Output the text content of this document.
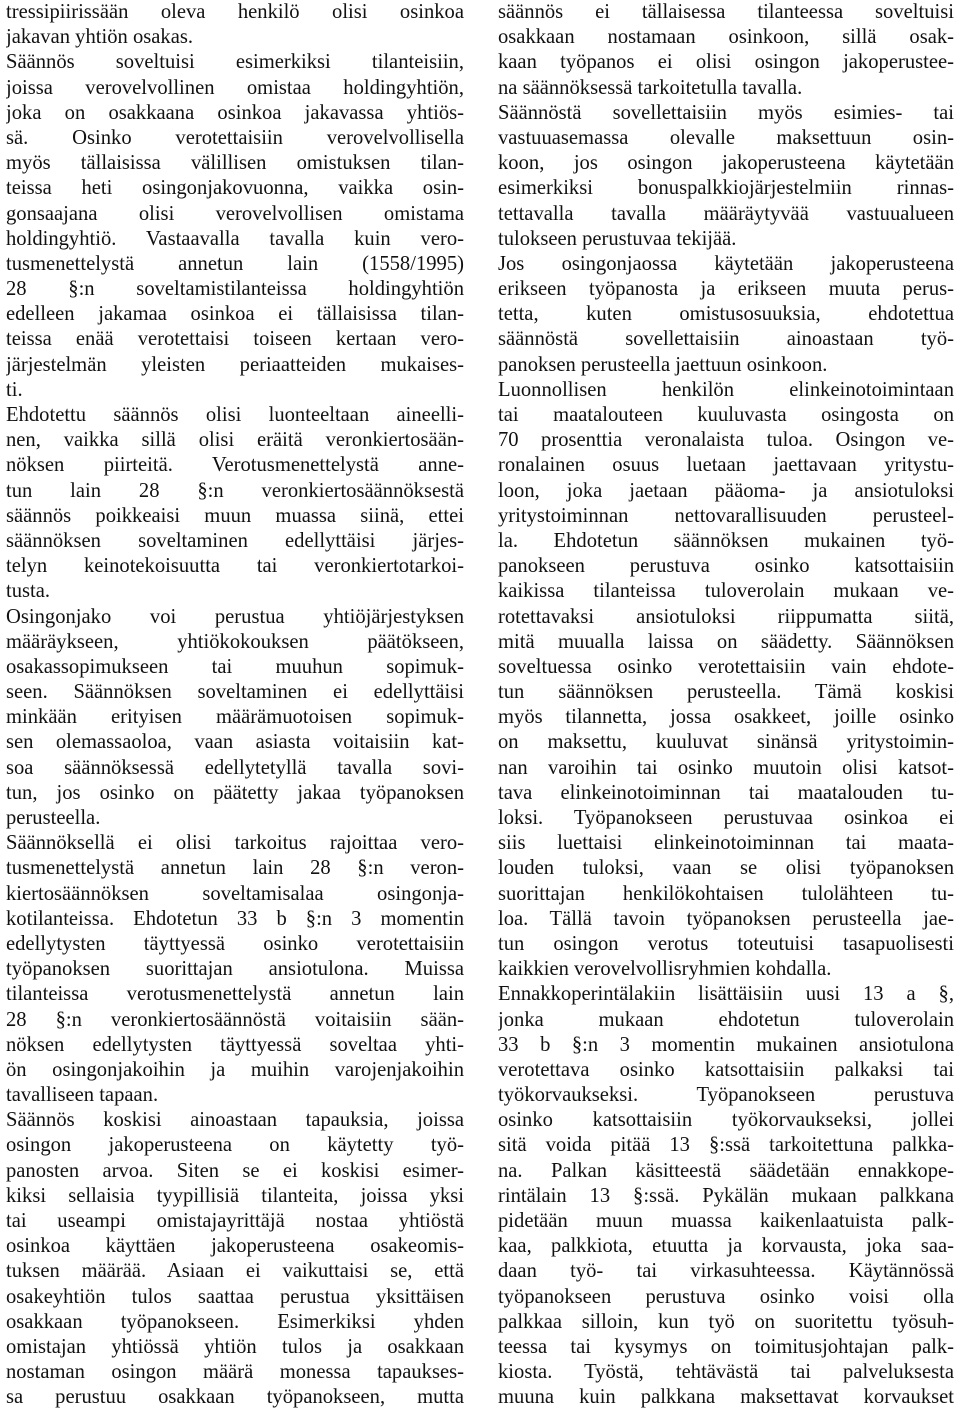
tressipiirissään oleva henkilö olisi osinkoa
jakavan yhtiön osakas.
Säännös soveltuisi esimerkiksi tilanteisiin,
joissa verovelvollinen omistaa holdingyhtiön,
joka on osakkaana osinkoa jakavassa yhtiös-
sä. Osinko verotettaisiin verovelvollisella
myös tällaisissa välillisen omistuksen tilan-
teissa heti osingonjakovuonna, vaikka osin-
gonsaajana olisi verovelvollisen omistama
holdingyhtiö. Vastaavalla tavalla kuin vero-
tusmenettelystä annetun lain (1558/1995)
28 §:n soveltamistilanteissa holdingyhtiön
edelleen jakamaa osinkoa ei tällaisissa tilan-
teissa enää verotettaisi toiseen kertaan vero-
järjestelmän yleisten periaatteiden mukaises-
ti.
Ehdotettu säännös olisi luonteeltaan aineelli-
nen, vaikka sillä olisi eräitä veronkiertosään-
nöksen piirteitä. Verotusmenettelystä anne-
tun lain 28 §:n veronkiertosäännöksestä
säännös poikkeaisi muun muassa siinä, ettei
säännöksen soveltaminen edellyttäisi järjes-
telyn keinotekoisuutta tai veronkiertotarkoi-
tusta.
Osingonjako voi perustua yhtiöjärjestyksen
määräykseen, yhtiökokouksen päätökseen,
osakassopimukseen tai muuhun sopimuk-
seen. Säännöksen soveltaminen ei edellyttäisi
minkään erityisen määrämuotoisen sopimuk-
sen olemassaoloa, vaan asiasta voitaisiin kat-
soa säännöksessä edellytetyllä tavalla sovi-
tun, jos osinko on päätetty jakaa työpanoksen
perusteella.
Säännöksellä ei olisi tarkoitus rajoittaa vero-
tusmenettelystä annetun lain 28 §:n veron-
kiertosäännöksen soveltamisalaa osingonja-
kotilanteissa. Ehdotetun 33 b §:n 3 momentin
edellytysten täyttyessä osinko verotettaisiin
työpanoksen suorittajan ansiotulona. Muissa
tilanteissa verotusmenettelystä annetun lain
28 §:n veronkiertosäännöstä voitaisiin sään-
nöksen edellytysten täyttyessä soveltaa yhti-
ön osingonjakoihin ja muihin varojenjakoihin
tavalliseen tapaan.
Säännös koskisi ainoastaan tapauksia, joissa
osingon jakoperusteena on käytetty työ-
panosten arvoa. Siten se ei koskisi esimer-
kiksi sellaisia tyypillisiä tilanteita, joissa yksi
tai useampi omistajayrittäjä nostaa yhtiöstä
osinkoa käyttäen jakoperusteena osakeomis-
tuksen määrää. Asiaan ei vaikuttaisi se, että
osakeyhtiön tulos saattaa perustua yksittäisen
osakkaan työpanokseen. Esimerkiksi yhden
omistajan yhtiössä yhtiön tulos ja osakkaan
nostaman osingon määrä monessa tapaukses-
sa perustuu osakkaan työpanokseen, mutta
säännös ei tällaisessa tilanteessa soveltuisi
osakkaan nostamaan osinkoon, sillä osak-
kaan työpanos ei olisi osingon jakoperustee-
na säännöksessä tarkoitetulla tavalla.
Säännöstä sovellettaisiin myös esimies- tai
vastuuasemassa olevalle maksettuun osin-
koon, jos osingon jakoperusteena käytetään
esimerkiksi bonuspalkkiojärjestelmiin rinnas-
tettavalla tavalla määräytyvää vastuualueen
tulokseen perustuvaa tekijää.
Jos osingonjaossa käytetään jakoperusteena
erikseen työpanosta ja erikseen muuta perus-
tetta, kuten omistusosuuksia, ehdotettua
säännöstä sovellettaisiin ainoastaan työ-
panoksen perusteella jaettuun osinkoon.
Luonnollisen henkilön elinkeinotoimintaan
tai maatalouteen kuuluvasta osingosta on
70 prosenttia veronalaista tuloa. Osingon ve-
ronalainen osuus luetaan jaettavaan yritystu-
loon, joka jaetaan pääoma- ja ansiotuloksi
yritystoiminnan nettovarallisuuden perusteel-
la. Ehdotetun säännöksen mukainen työ-
panokseen perustuva osinko katsottaisiin
kaikissa tilanteissa tuloverolain mukaan ve-
rotettavaksi ansiotuloksi riippumatta siitä,
mitä muualla laissa on säädetty. Säännöksen
soveltuessa osinko verotettaisiin vain ehdote-
tun säännöksen perusteella. Tämä koskisi
myös tilannetta, jossa osakkeet, joille osinko
on maksettu, kuuluvat sinänsä yritystoimin-
nan varoihin tai osinko muutoin olisi katsot-
tava elinkeinotoiminnan tai maatalouden tu-
loksi. Työpanokseen perustuvaa osinkoa ei
siis luettaisi elinkeinotoiminnan tai maata-
louden tuloksi, vaan se olisi työpanoksen
suorittajan henkilökohtaisen tulolähteen tu-
loa. Tällä tavoin työpanoksen perusteella jae-
tun osingon verotus toteutuisi tasapuolisesti
kaikkien verovelvollisryhmien kohdalla.
Ennakkoperintälakiin lisättäisiin uusi 13 a §,
jonka mukaan ehdotetun tuloverolain
33 b §:n 3 momentin mukainen ansiotulona
verotettava osinko katsottaisiin palkaksi tai
työkorvaukseksi. Työpanokseen perustuva
osinko katsottaisiin työkorvaukseksi, jollei
sitä voida pitää 13 §:ssä tarkoitettuna palkka-
na. Palkan käsitteestä säädetään ennakkope-
rintälain 13 §:ssä. Pykälän mukaan palkkana
pidetään muun muassa kaikenlaatuista palk-
kaa, palkkiota, etuutta ja korvausta, joka saa-
daan työ- tai virkasuhteessa. Käytännössä
työpanokseen perustuva osinko voisi olla
palkkaa silloin, kun työ on suoritettu työsuh-
teessa tai kysymys on toimitusjohtajan palk-
kiosta. Työstä, tehtävästä tai palveluksesta
muuna kuin palkkana maksettavat korvaukset
